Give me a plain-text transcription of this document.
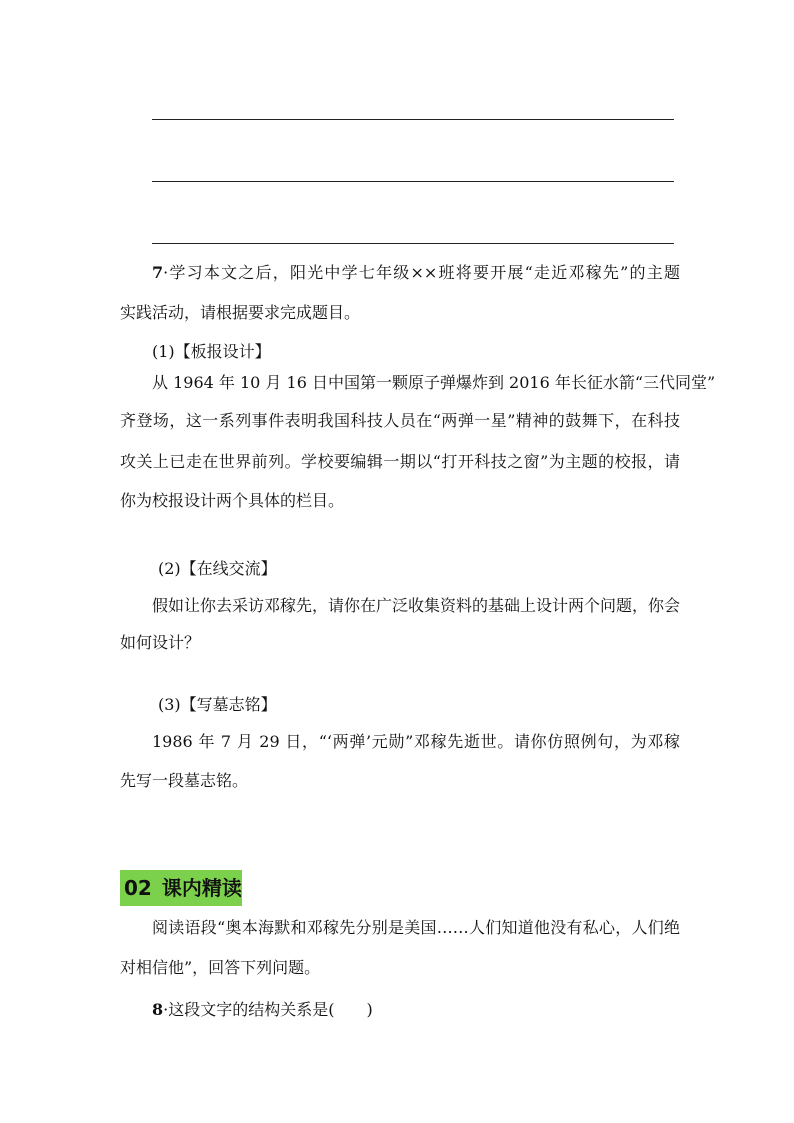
7·学习本文之后，阳光中学七年级××班将要开展“走近邓稼先”的主题
实践活动，请根据要求完成题目。
(1)【板报设计】
从 1964 年 10 月 16 日中国第一颗原子弹爆炸到 2016 年长征水箭“三代同堂”
齐登场，这一系列事件表明我国科技人员在“两弹一星”精神的鼓舞下，在科技
攻关上已走在世界前列。学校要编辑一期以“打开科技之窗”为主题的校报，请
你为校报设计两个具体的栏目。
(2)【在线交流】
假如让你去采访邓稼先，请你在广泛收集资料的基础上设计两个问题，你会
如何设计？
(3)【写墓志铭】
1986 年 7 月 29 日，“‘两弹’元勋”邓稼先逝世。请你仿照例句，为邓稼
先写一段墓志铭。
02 课内精读
阅读语段“奥本海默和邓稼先分别是美国……人们知道他没有私心，人们绝
对相信他”，回答下列问题。
8·这段文字的结构关系是(　　)
